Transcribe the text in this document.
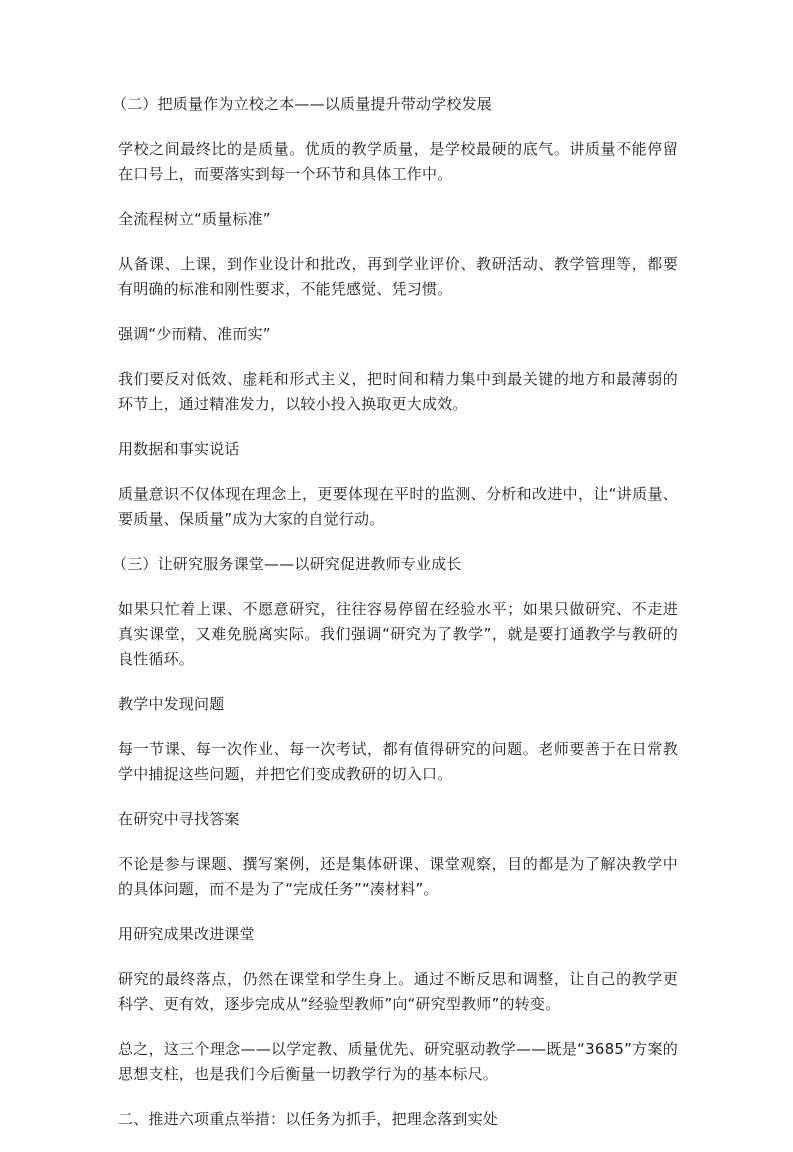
（二）把质量作为立校之本——以质量提升带动学校发展

学校之间最终比的是质量。优质的教学质量，是学校最硬的底气。讲质量不能停留在口号上，而要落实到每一个环节和具体工作中。

全流程树立“质量标准”

从备课、上课，到作业设计和批改，再到学业评价、教研活动、教学管理等，都要有明确的标准和刚性要求，不能凭感觉、凭习惯。

强调“少而精、准而实”

我们要反对低效、虚耗和形式主义，把时间和精力集中到最关键的地方和最薄弱的环节上，通过精准发力，以较小投入换取更大成效。

用数据和事实说话

质量意识不仅体现在理念上，更要体现在平时的监测、分析和改进中，让“讲质量、要质量、保质量”成为大家的自觉行动。

（三）让研究服务课堂——以研究促进教师专业成长

如果只忙着上课、不愿意研究，往往容易停留在经验水平；如果只做研究、不走进真实课堂，又难免脱离实际。我们强调“研究为了教学”，就是要打通教学与教研的良性循环。

教学中发现问题

每一节课、每一次作业、每一次考试，都有值得研究的问题。老师要善于在日常教学中捕捉这些问题，并把它们变成教研的切入口。

在研究中寻找答案

不论是参与课题、撰写案例，还是集体研课、课堂观察，目的都是为了解决教学中的具体问题，而不是为了“完成任务”“凑材料”。

用研究成果改进课堂

研究的最终落点，仍然在课堂和学生身上。通过不断反思和调整，让自己的教学更科学、更有效，逐步完成从“经验型教师”向“研究型教师”的转变。

总之，这三个理念——以学定教、质量优先、研究驱动教学——既是“3685”方案的思想支柱，也是我们今后衡量一切教学行为的基本标尺。

二、推进六项重点举措：以任务为抓手，把理念落到实处
